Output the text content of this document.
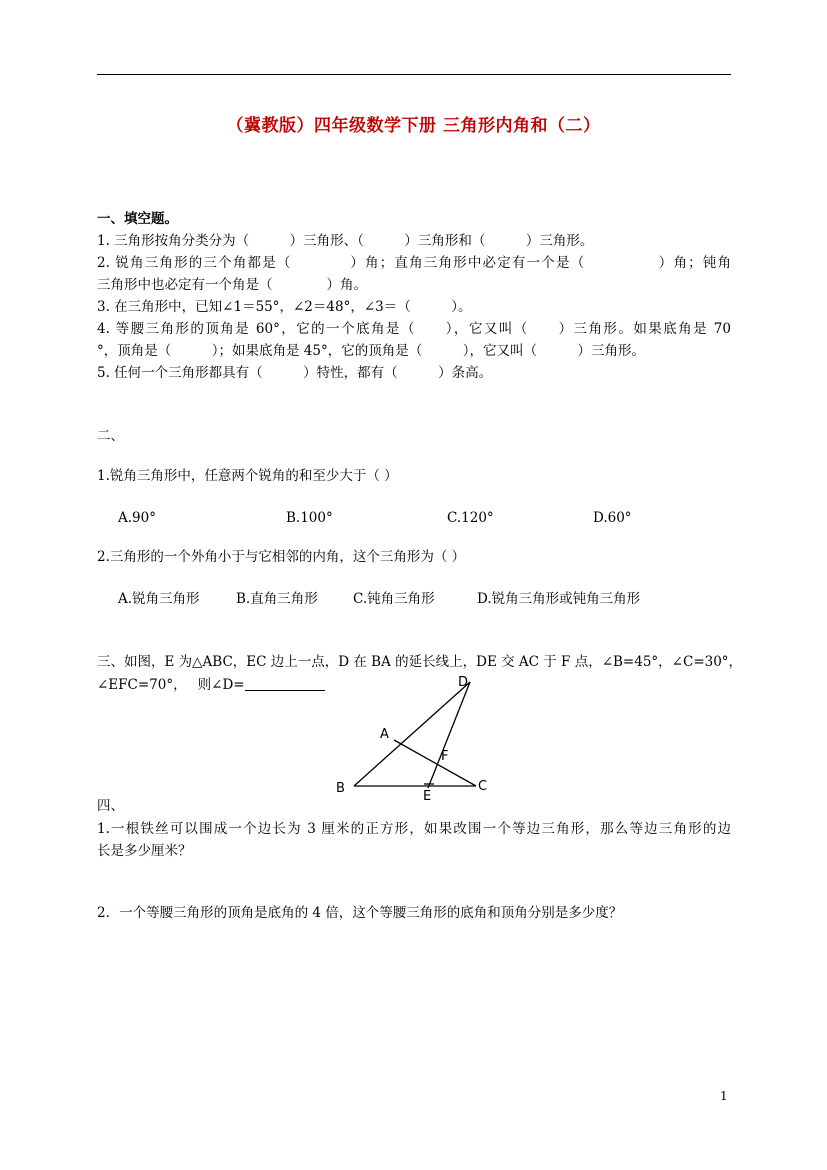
（冀教版）四年级数学下册 三角形内角和（二）
一、填空题。
1. 三角形按角分类分为（　　　）三角形、（　　　）三角形和（　　　）三角形。
2. 锐角三角形的三个角都是（　　　　）角；直角三角形中必定有一个是（　　　　　）角；钝角
三角形中也必定有一个角是（　　　　）角。
3. 在三角形中，已知∠1＝55°，∠2＝48°，∠3＝（　　　）。
4. 等腰三角形的顶角是 60°，它的一个底角是（　　），它又叫（　　）三角形。如果底角是 70
°，顶角是（　　　）；如果底角是 45°，它的顶角是（　　　），它又叫（　　　）三角形。
5. 任何一个三角形都具有（　　　）特性，都有（　　　）条高。
二、
1.锐角三角形中，任意两个锐角的和至少大于（ ）
A.90°	B.100°	C.120°	D.60°
2.三角形的一个外角小于与它相邻的内角，这个三角形为（ ）
A.锐角三角形	B.直角三角形	C.钝角三角形	D.锐角三角形或钝角三角形
三、如图，E 为△ABC，EC 边上一点，D 在 BA 的延长线上，DE 交 AC 于 F 点，∠B=45°，∠C=30°，
∠EFC=70°，　 则∠D=
A
B	C
D
E
F
四、
1.一根铁丝可以围成一个边长为 3 厘米的正方形，如果改围一个等边三角形，那么等边三角形的边
长是多少厘米？
2．一个等腰三角形的顶角是底角的 4 倍，这个等腰三角形的底角和顶角分别是多少度？
1
